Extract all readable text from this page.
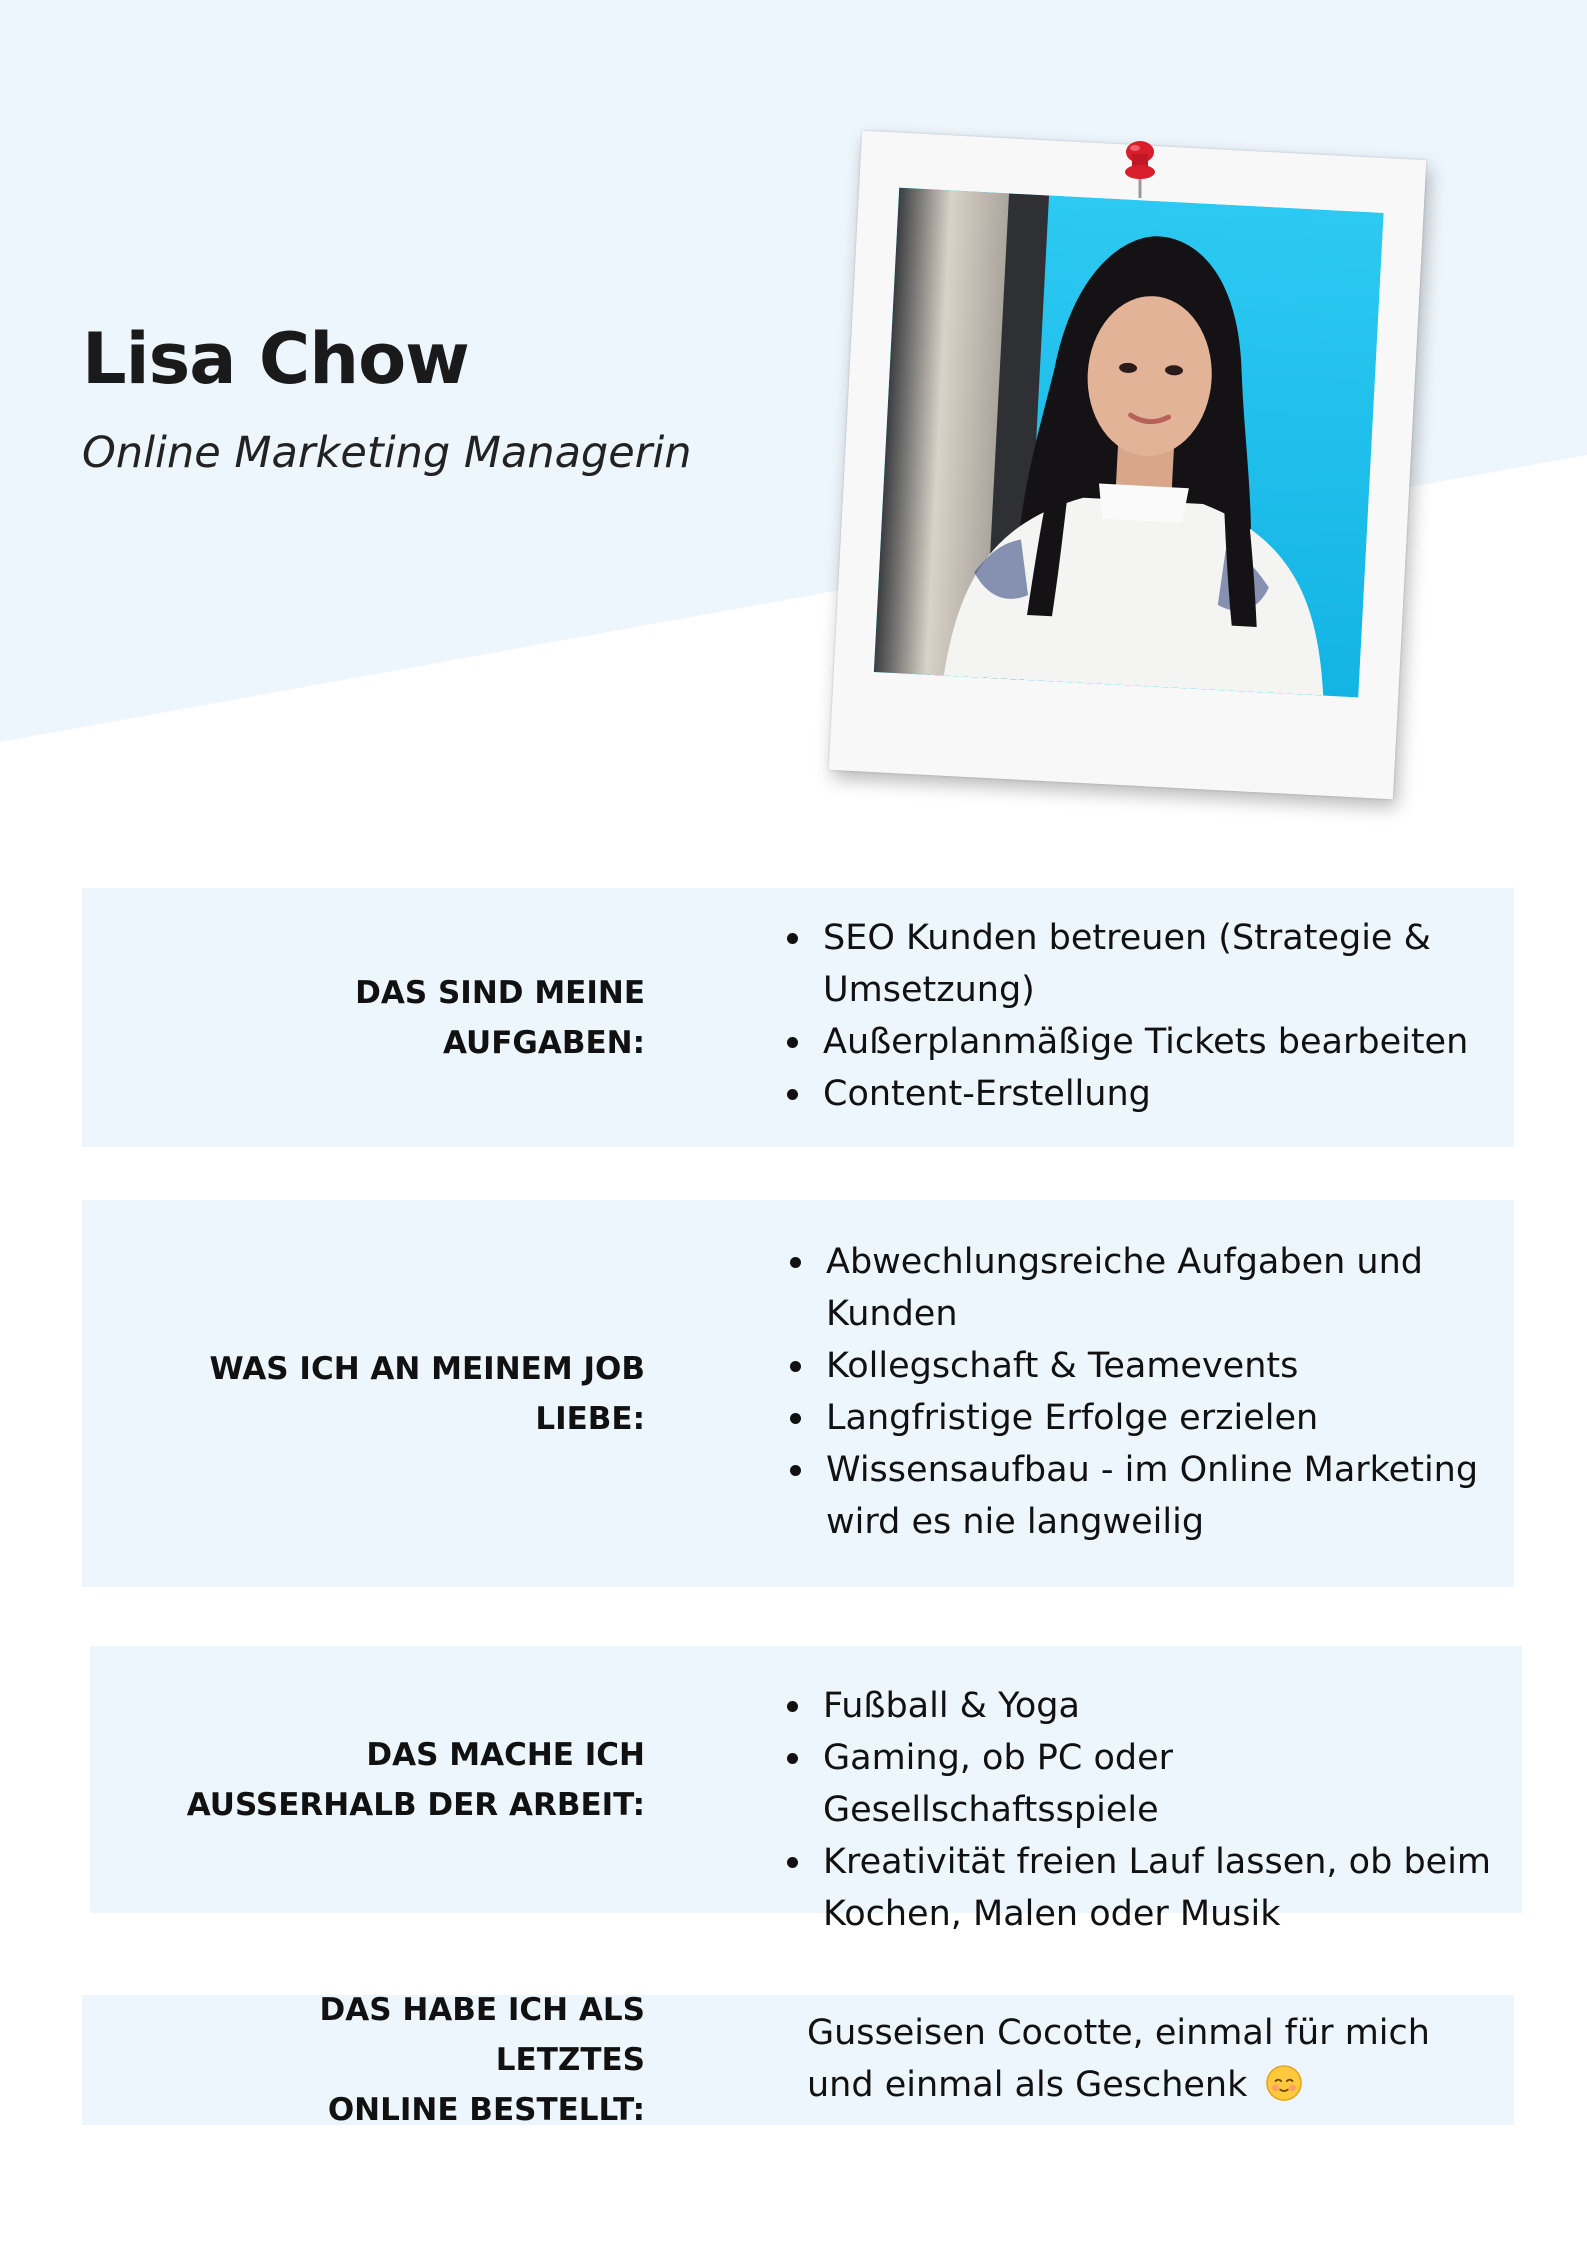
Lisa Chow
Online Marketing Managerin
DAS SIND MEINE AUFGABEN:
SEO Kunden betreuen (Strategie &
Umsetzung)
Außerplanmäßige Tickets bearbeiten
Content-Erstellung
WAS ICH AN MEINEM JOB LIEBE:
Abwechlungsreiche Aufgaben und
Kunden
Kollegschaft & Teamevents
Langfristige Erfolge erzielen
Wissensaufbau - im Online Marketing
wird es nie langweilig
DAS MACHE ICH
AUSSERHALB DER ARBEIT:
Fußball & Yoga
Gaming, ob PC oder Gesellschaftsspiele
Kreativität freien Lauf lassen, ob beim
Kochen, Malen oder Musik
DAS HABE ICH ALS LETZTES
ONLINE BESTELLT:

Gusseisen Cocotte, einmal für mich
und einmal als Geschenk
